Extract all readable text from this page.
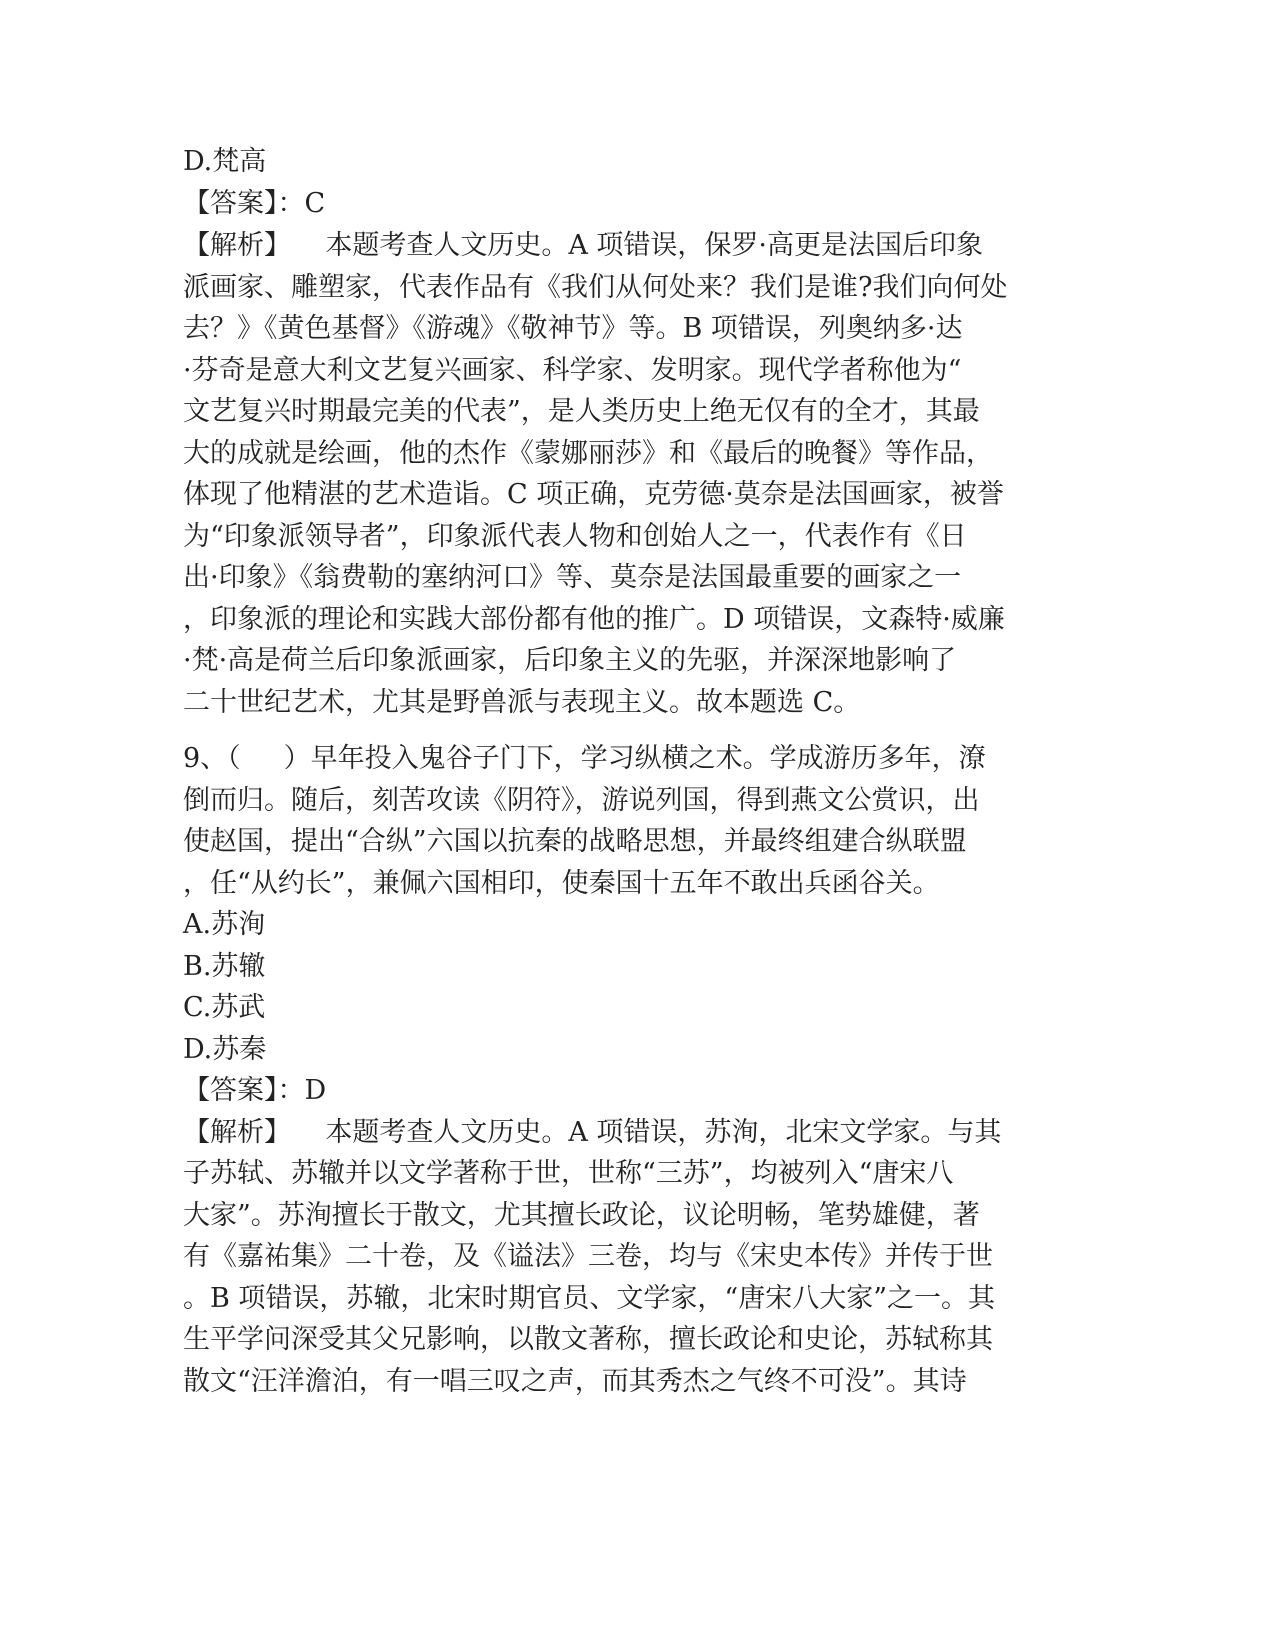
D.梵高
【答案】：C
【解析】    本题考查人文历史。A 项错误，保罗·高更是法国后印象
派画家、雕塑家，代表作品有《我们从何处来？我们是谁?我们向何处
去？》《黄色基督》《游魂》《敬神节》等。B 项错误，列奥纳多·达
·芬奇是意大利文艺复兴画家、科学家、发明家。现代学者称他为“
文艺复兴时期最完美的代表”，是人类历史上绝无仅有的全才，其最
大的成就是绘画，他的杰作《蒙娜丽莎》和《最后的晚餐》等作品，
体现了他精湛的艺术造诣。C 项正确，克劳德·莫奈是法国画家，被誉
为“印象派领导者”，印象派代表人物和创始人之一，代表作有《日
出·印象》《翁费勒的塞纳河口》等、莫奈是法国最重要的画家之一
，印象派的理论和实践大部份都有他的推广。D 项错误，文森特·威廉
·梵·高是荷兰后印象派画家，后印象主义的先驱，并深深地影响了
二十世纪艺术，尤其是野兽派与表现主义。故本题选 C。
9、（     ）早年投入鬼谷子门下，学习纵横之术。学成游历多年，潦
倒而归。随后，刻苦攻读《阴符》，游说列国，得到燕文公赏识，出
使赵国，提出“合纵”六国以抗秦的战略思想，并最终组建合纵联盟
，任“从约长”，兼佩六国相印，使秦国十五年不敢出兵函谷关。
A.苏洵
B.苏辙
C.苏武
D.苏秦
【答案】：D
【解析】    本题考查人文历史。A 项错误，苏洵，北宋文学家。与其
子苏轼、苏辙并以文学著称于世，世称“三苏”，均被列入“唐宋八
大家”。苏洵擅长于散文，尤其擅长政论，议论明畅，笔势雄健，著
有《嘉祐集》二十卷，及《谥法》三卷，均与《宋史本传》并传于世
。B 项错误，苏辙，北宋时期官员、文学家，“唐宋八大家”之一。其
生平学问深受其父兄影响，以散文著称，擅长政论和史论，苏轼称其
散文“汪洋澹泊，有一唱三叹之声，而其秀杰之气终不可没”。其诗
